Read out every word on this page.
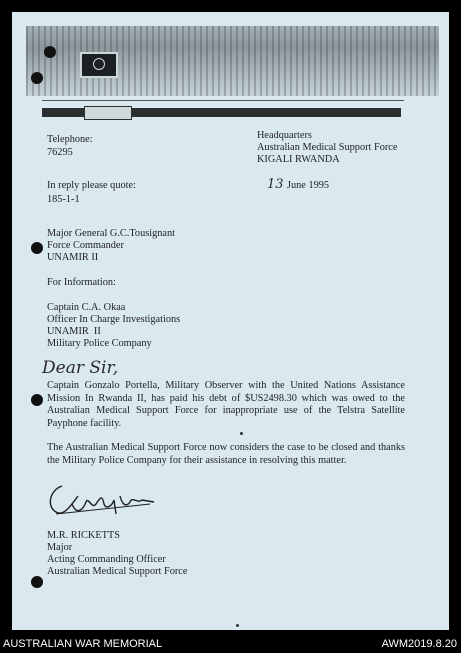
Telephone:
76295
Headquarters
Australian Medical Support Force
KIGALI RWANDA
In reply please quote:
185-1-1
13 June 1995
Major General G.C.Tousignant
Force Commander
UNAMIR II
For Information:
Captain C.A. Okaa
Officer In Charge Investigations
UNAMIR  II
Military Police Company
Dear Sir,
Captain Gonzalo Portella, Military Observer with the United Nations Assistance Mission In Rwanda II, has paid his debt of $US2498.30 which was owed to the Australian Medical Support Force for inappropriate use of the Telstra Satellite Payphone facility.
The Australian Medical Support Force now considers the case to be closed and thanks the Military Police Company for their assistance in resolving this matter.
M.R. RICKETTS
Major
Acting Commanding Officer
Australian Medical Support Force
AUSTRALIAN WAR MEMORIAL	AWM2019.8.20
